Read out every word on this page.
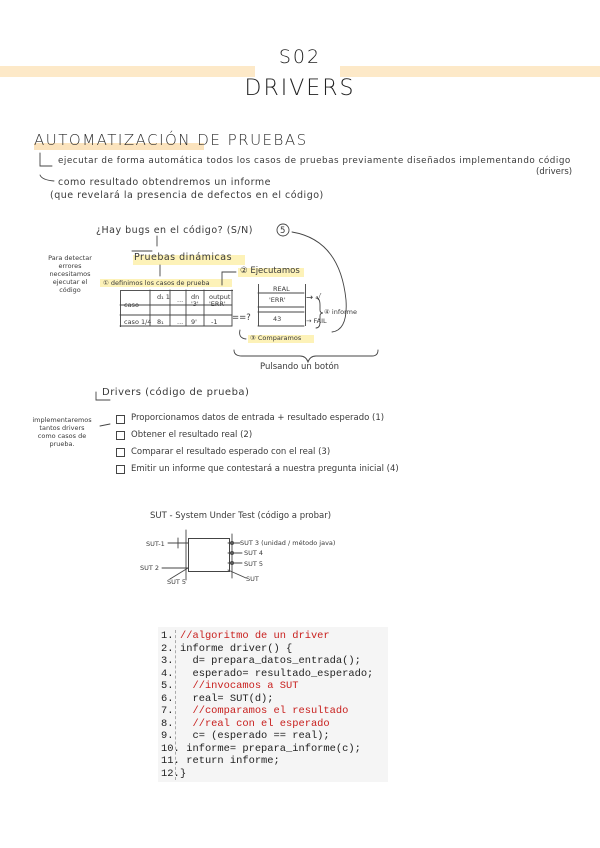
S02
DRIVERS
AUTOMATIZACIÓN DE PRUEBAS
ejecutar de forma automática todos los casos de pruebas previamente diseñados implementando código
(drivers)
como resultado obtendremos un informe
(que revelará la presencia de defectos en el código)
¿Hay bugs en el código? (S/N)	5
Para detectar
errores
necesitamos
ejecutar el
código
Pruebas dinámicas
① definimos los casos de prueba
② Ejecutamos
caso
d₁ 1 ... dn '3'
output 'ERR'
caso 1/4 8₁ ... 9' -1 ==?
REAL
'ERR'
43
→ √
→ FAIL
④ informe
③ Comparamos
Pulsando un botón
Drivers (código de prueba)
implementaremos
tantos drivers
como casos de
prueba.
Proporcionamos datos de entrada + resultado esperado (1)
Obtener el resultado real (2)
Comparar el resultado esperado con el real (3)
Emitir un informe que contestará a nuestra pregunta inicial (4)
SUT - System Under Test (código a probar)
SUT-1
SUT 2
SUT 3 (unidad / método java)
SUT 4
SUT 5
SUT 5	SUT
1. //algoritmo de un driver
2. informe driver() {
3. d= prepara_datos_entrada();
4. esperado= resultado_esperado;
5. //invocamos a SUT
6. real= SUT(d);
7. //comparamos el resultado
8. //real con el esperado
9. c= (esperado == real);
10. informe= prepara_informe(c);
11. return informe;
12. }
